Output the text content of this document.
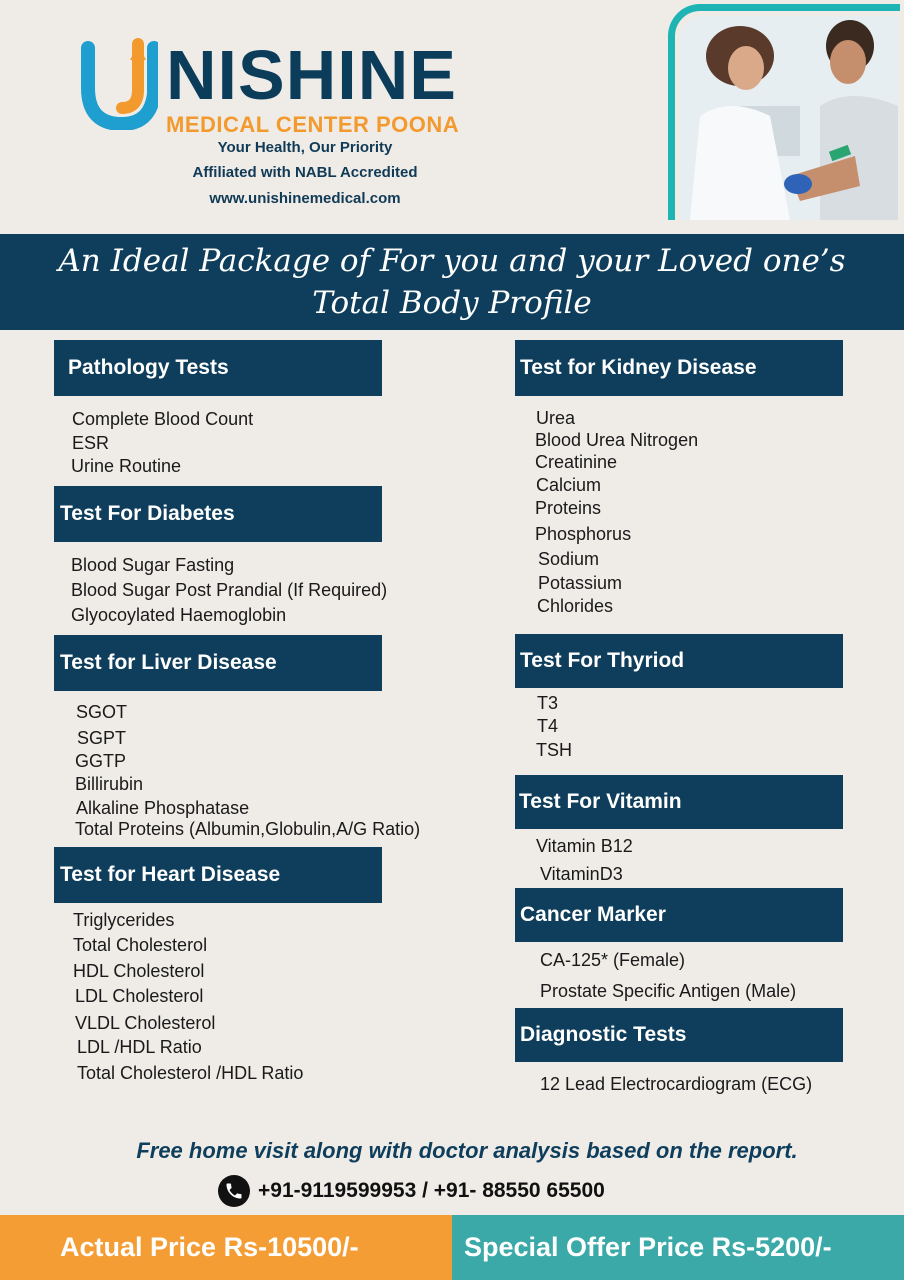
NISHINE
MEDICAL CENTER POONA
Your Health, Our Priority
Affiliated with NABL Accredited
www.unishinemedical.com
An Ideal Package of For you and your Loved one’s
Total Body Profile
Pathology Tests
Complete Blood Count
ESR
Urine Routine
Test For Diabetes
Blood Sugar Fasting
Blood Sugar Post Prandial (If Required)
Glyocoylated Haemoglobin
Test for Liver Disease
SGOT
SGPT
GGTP
Billirubin
Alkaline Phosphatase
Total Proteins (Albumin,Globulin,A/G Ratio)
Test for Heart Disease
Triglycerides
Total Cholesterol
HDL Cholesterol
LDL Cholesterol
VLDL Cholesterol
LDL /HDL Ratio
Total Cholesterol /HDL Ratio
Test for Kidney Disease
Urea
Blood Urea Nitrogen
Creatinine
Calcium
Proteins
Phosphorus
Sodium
Potassium
Chlorides
Test For Thyriod
T3
T4
TSH
Test For Vitamin
Vitamin B12
VitaminD3
Cancer Marker
CA-125* (Female)
Prostate Specific Antigen (Male)
Diagnostic Tests
12 Lead Electrocardiogram (ECG)
Free home visit along with doctor analysis based on the report.
+91-9119599953 / +91- 88550 65500
Actual Price Rs-10500/-	Special Offer Price Rs-5200/-
